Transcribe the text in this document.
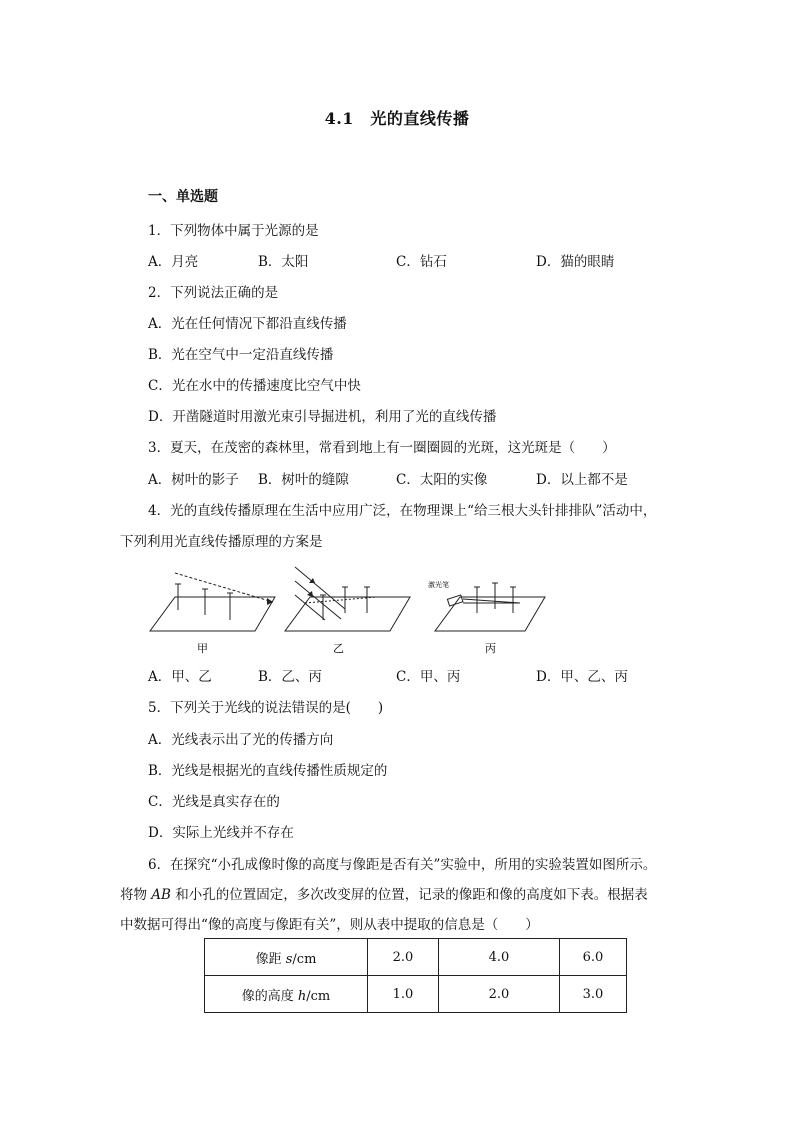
4.1　光的直线传播
一、单选题
1．下列物体中属于光源的是
A．月亮	B．太阳	C．钻石	D．猫的眼睛
2．下列说法正确的是
A．光在任何情况下都沿直线传播
B．光在空气中一定沿直线传播
C．光在水中的传播速度比空气中快
D．开凿隧道时用激光束引导掘进机，利用了光的直线传播
3．夏天，在茂密的森林里，常看到地上有一圈圈圆的光斑，这光斑是（　　）
A．树叶的影子 B．树叶的缝隙	C．太阳的实像	D．以上都不是
4．光的直线传播原理在生活中应用广泛，在物理课上“给三根大头针排排队”活动中，
下列利用光直线传播原理的方案是
甲	乙
激光笔
丙
A．甲、乙	B．乙、丙	C．甲、丙	D．甲、乙、丙
5．下列关于光线的说法错误的是(　　)
A．光线表示出了光的传播方向
B．光线是根据光的直线传播性质规定的
C．光线是真实存在的
D．实际上光线并不存在
6．在探究“小孔成像时像的高度与像距是否有关”实验中，所用的实验装置如图所示。
将物 AB 和小孔的位置固定，多次改变屏的位置，记录的像距和像的高度如下表。根据表
中数据可得出“像的高度与像距有关”，则从表中提取的信息是（　　）
像距 s/cm	2.0	4.0	6.0
像的高度 h/cm	1.0	2.0	3.0
